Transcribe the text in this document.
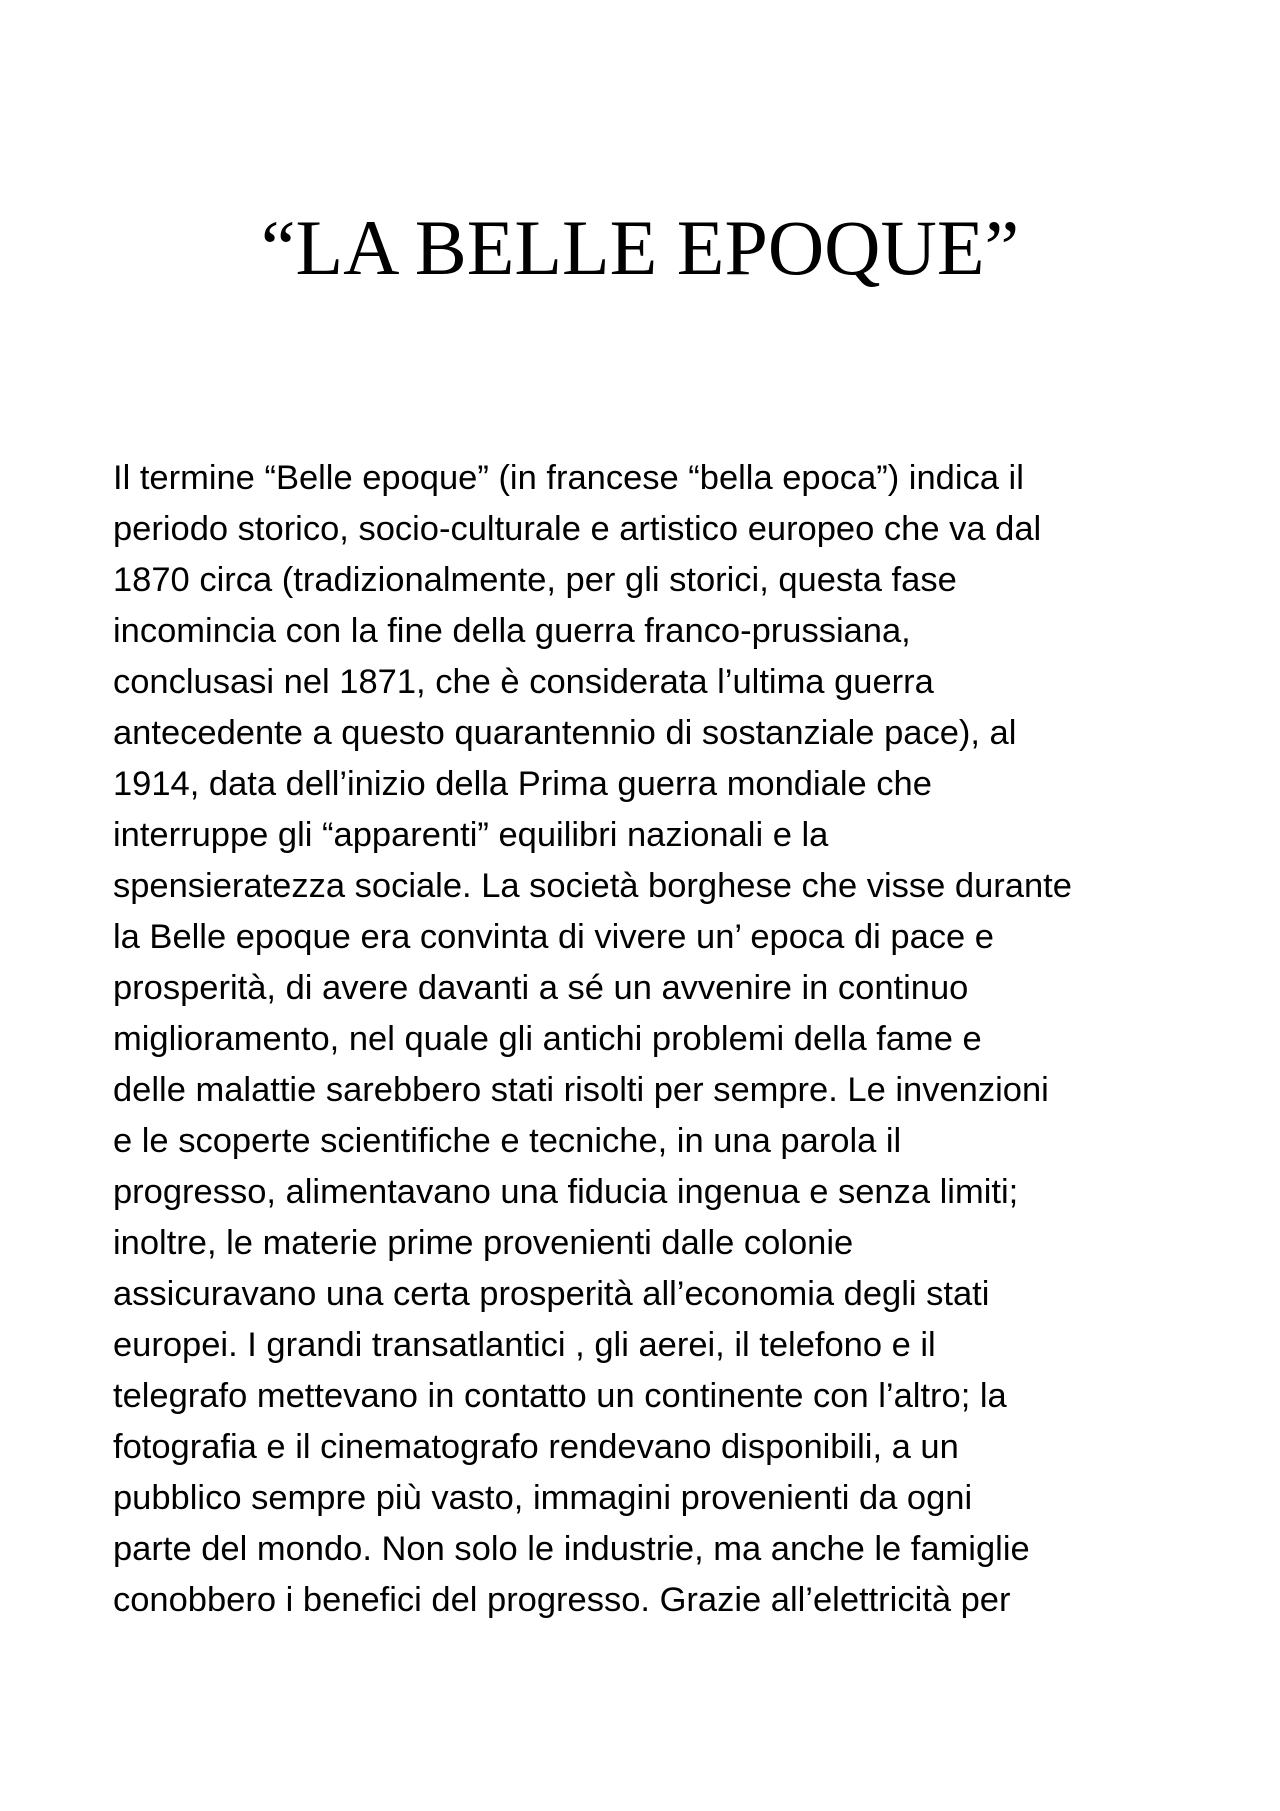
“LA BELLE EPOQUE”
Il termine “Belle epoque” (in francese “bella epoca”) indica il
periodo storico, socio-culturale e artistico europeo che va dal
1870 circa (tradizionalmente, per gli storici, questa fase
incomincia con la fine della guerra franco-prussiana,
conclusasi nel 1871, che è considerata l’ultima guerra
antecedente a questo quarantennio di sostanziale pace), al
1914, data dell’inizio della Prima guerra mondiale che
interruppe gli “apparenti” equilibri nazionali e la
spensieratezza sociale. La società borghese che visse durante
la Belle epoque era convinta di vivere un’ epoca di pace e
prosperità, di avere davanti a sé un avvenire in continuo
miglioramento, nel quale gli antichi problemi della fame e
delle malattie sarebbero stati risolti per sempre. Le invenzioni
e le scoperte scientifiche e tecniche, in una parola il
progresso, alimentavano una fiducia ingenua e senza limiti;
inoltre, le materie prime provenienti dalle colonie
assicuravano una certa prosperità all’economia degli stati
europei. I grandi transatlantici , gli aerei, il telefono e il
telegrafo mettevano in contatto un continente con l’altro; la
fotografia e il cinematografo rendevano disponibili, a un
pubblico sempre più vasto, immagini provenienti da ogni
parte del mondo. Non solo le industrie, ma anche le famiglie
conobbero i benefici del progresso. Grazie all’elettricità per
